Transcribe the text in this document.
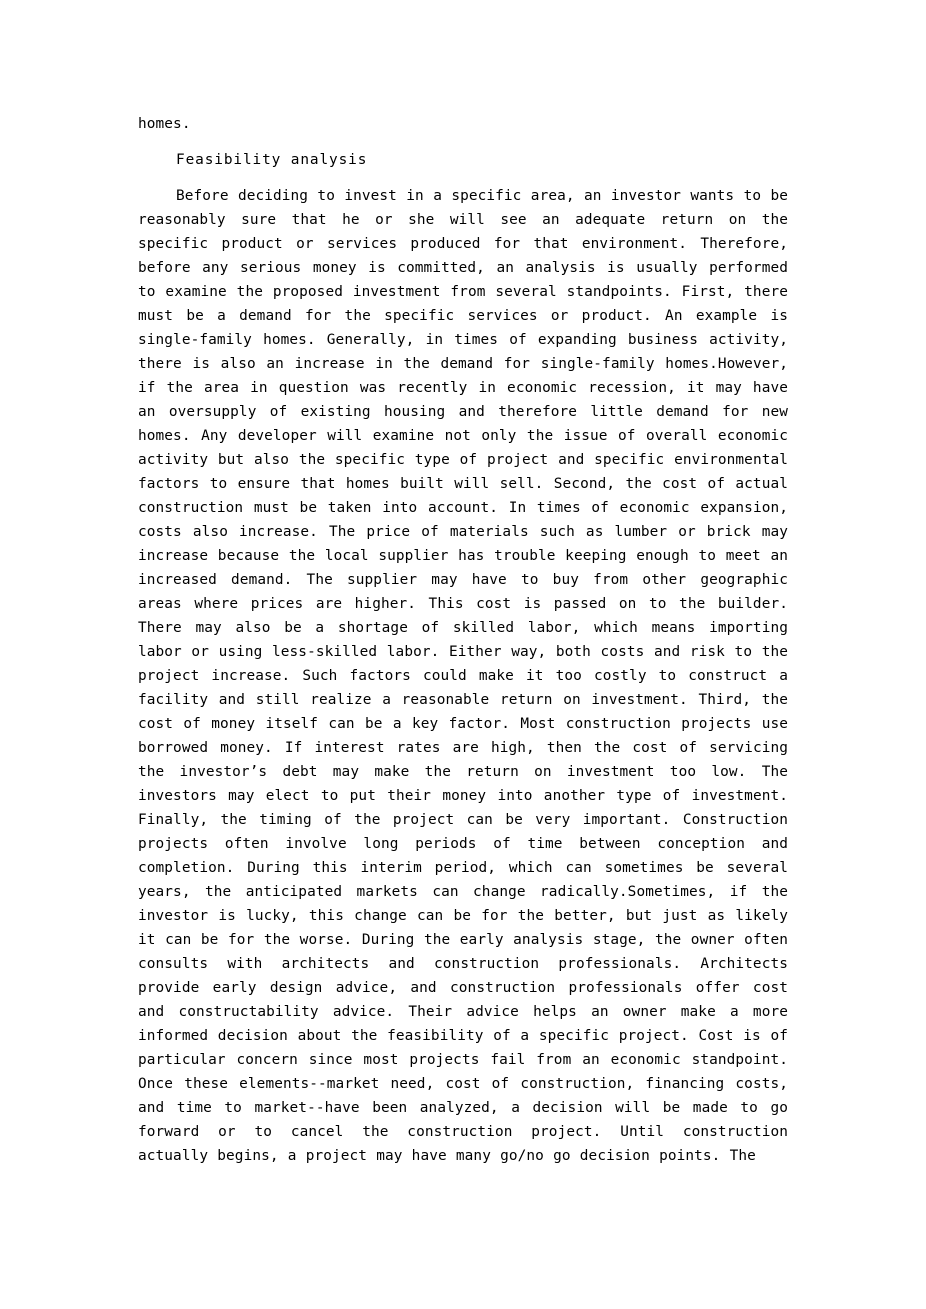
homes.

Feasibility analysis

Before deciding to invest in a specific area, an investor wants to be reasonably sure that he or she will see an adequate return on the specific product or services produced for that environment. Therefore, before any serious money is committed, an analysis is usually performed to examine the proposed investment from several standpoints. First, there must be a demand for the specific services or product. An example is single-family homes. Generally, in times of expanding business activity, there is also an increase in the demand for single-family homes.However, if the area in question was recently in economic recession, it may have an oversupply of existing housing and therefore little demand for new homes. Any developer will examine not only the issue of overall economic activity but also the specific type of project and specific environmental factors to ensure that homes built will sell. Second, the cost of actual construction must be taken into account. In times of economic expansion, costs also increase. The price of materials such as lumber or brick may increase because the local supplier has trouble keeping enough to meet an increased demand. The supplier may have to buy from other geographic areas where prices are higher. This cost is passed on to the builder. There may also be a shortage of skilled labor, which means importing labor or using less-skilled labor. Either way, both costs and risk to the project increase. Such factors could make it too costly to construct a facility and still realize a reasonable return on investment. Third, the cost of money itself can be a key factor. Most construction projects use borrowed money. If interest rates are high, then the cost of servicing the investor’s debt may make the return on investment too low. The investors may elect to put their money into another type of investment. Finally, the timing of the project can be very important. Construction projects often involve long periods of time between conception and completion. During this interim period, which can sometimes be several years, the anticipated markets can change radically.Sometimes, if the investor is lucky, this change can be for the better, but just as likely it can be for the worse. During the early analysis stage, the owner often consults with architects and construction professionals. Architects provide early design advice, and construction professionals offer cost and constructability advice. Their advice helps an owner make a more informed decision about the feasibility of a specific project. Cost is of particular concern since most projects fail from an economic standpoint. Once these elements--market need, cost of construction, financing costs, and time to market--have been analyzed, a decision will be made to go forward or to cancel the construction project. Until construction actually begins, a project may have many go/no go decision points. The
